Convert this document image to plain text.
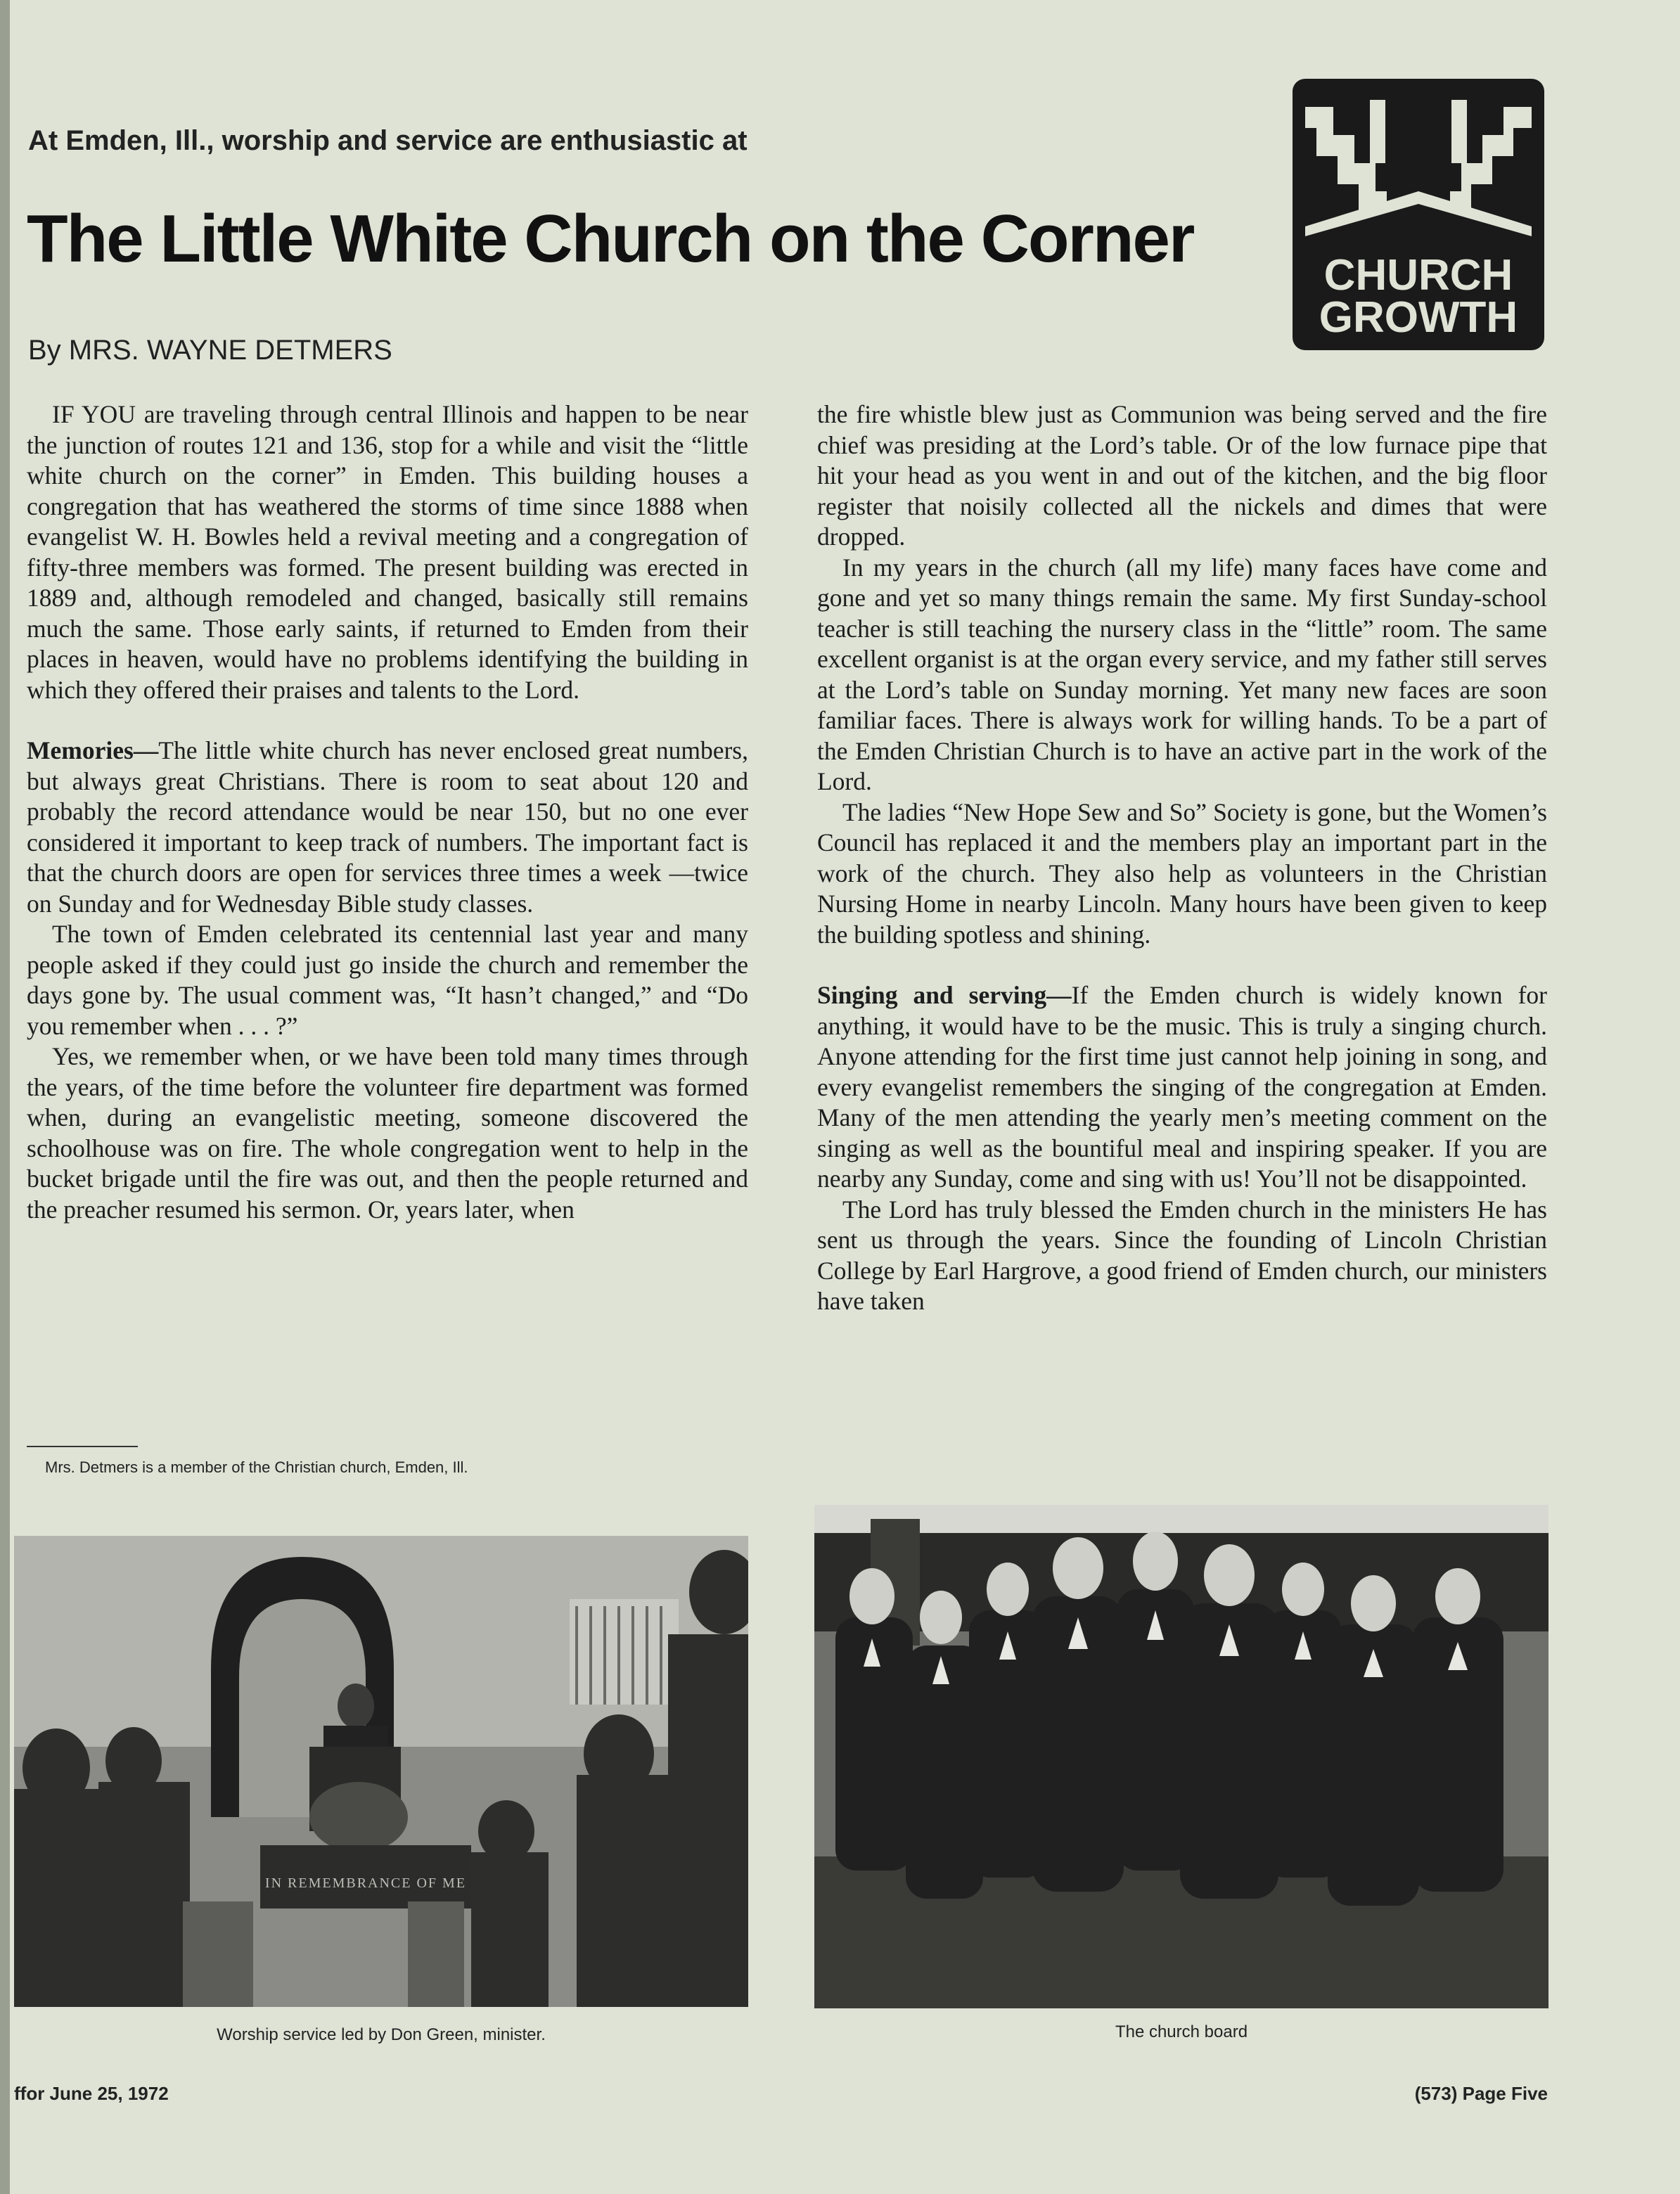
At Emden, Ill., worship and service are enthusiastic at

The Little White Church on the Corner

By MRS. WAYNE DETMERS

CHURCH
GROWTH

IF YOU are traveling through central Illinois and happen to be near the junction of routes 121 and 136, stop for a while and visit the “little white church on the corner” in Emden. This building houses a congregation that has weathered the storms of time since 1888 when evangelist W. H. Bowles held a revival meeting and a congregation of fifty-three members was formed. The present building was erected in 1889 and, although remodeled and changed, basically still remains much the same. Those early saints, if returned to Emden from their places in heaven, would have no problems identifying the building in which they offered their praises and talents to the Lord.

Memories—The little white church has never enclosed great numbers, but always great Christians. There is room to seat about 120 and probably the record attendance would be near 150, but no one ever considered it important to keep track of numbers. The important fact is that the church doors are open for services three times a week —twice on Sunday and for Wednesday Bible study classes.

The town of Emden celebrated its centennial last year and many people asked if they could just go inside the church and remember the days gone by. The usual comment was, “It hasn’t changed,” and “Do you remember when . . . ?”

Yes, we remember when, or we have been told many times through the years, of the time before the volunteer fire department was formed when, during an evangelistic meeting, someone discovered the schoolhouse was on fire. The whole congregation went to help in the bucket brigade until the fire was out, and then the people returned and the preacher resumed his sermon. Or, years later, when

the fire whistle blew just as Communion was being served and the fire chief was presiding at the Lord’s table. Or of the low furnace pipe that hit your head as you went in and out of the kitchen, and the big floor register that noisily collected all the nickels and dimes that were dropped.

In my years in the church (all my life) many faces have come and gone and yet so many things remain the same. My first Sunday-school teacher is still teaching the nursery class in the “little” room. The same excellent organist is at the organ every service, and my father still serves at the Lord’s table on Sunday morning. Yet many new faces are soon familiar faces. There is always work for willing hands. To be a part of the Emden Christian Church is to have an active part in the work of the Lord.

The ladies “New Hope Sew and So” Society is gone, but the Women’s Council has replaced it and the members play an important part in the work of the church. They also help as volunteers in the Christian Nursing Home in nearby Lincoln. Many hours have been given to keep the building spotless and shining.

Singing and serving—If the Emden church is widely known for anything, it would have to be the music. This is truly a singing church. Anyone attending for the first time just cannot help joining in song, and every evangelist remembers the singing of the congregation at Emden. Many of the men attending the yearly men’s meeting comment on the singing as well as the bountiful meal and inspiring speaker. If you are nearby any Sunday, come and sing with us! You’ll not be disappointed.

The Lord has truly blessed the Emden church in the ministers He has sent us through the years. Since the founding of Lincoln Christian College by Earl Hargrove, a good friend of Emden church, our ministers have taken

Mrs. Detmers is a member of the Christian church, Emden, Ill.

IN REMEMBRANCE OF ME

Worship service led by Don Green, minister.	The church board

ffor June 25, 1972	(573) Page Five
